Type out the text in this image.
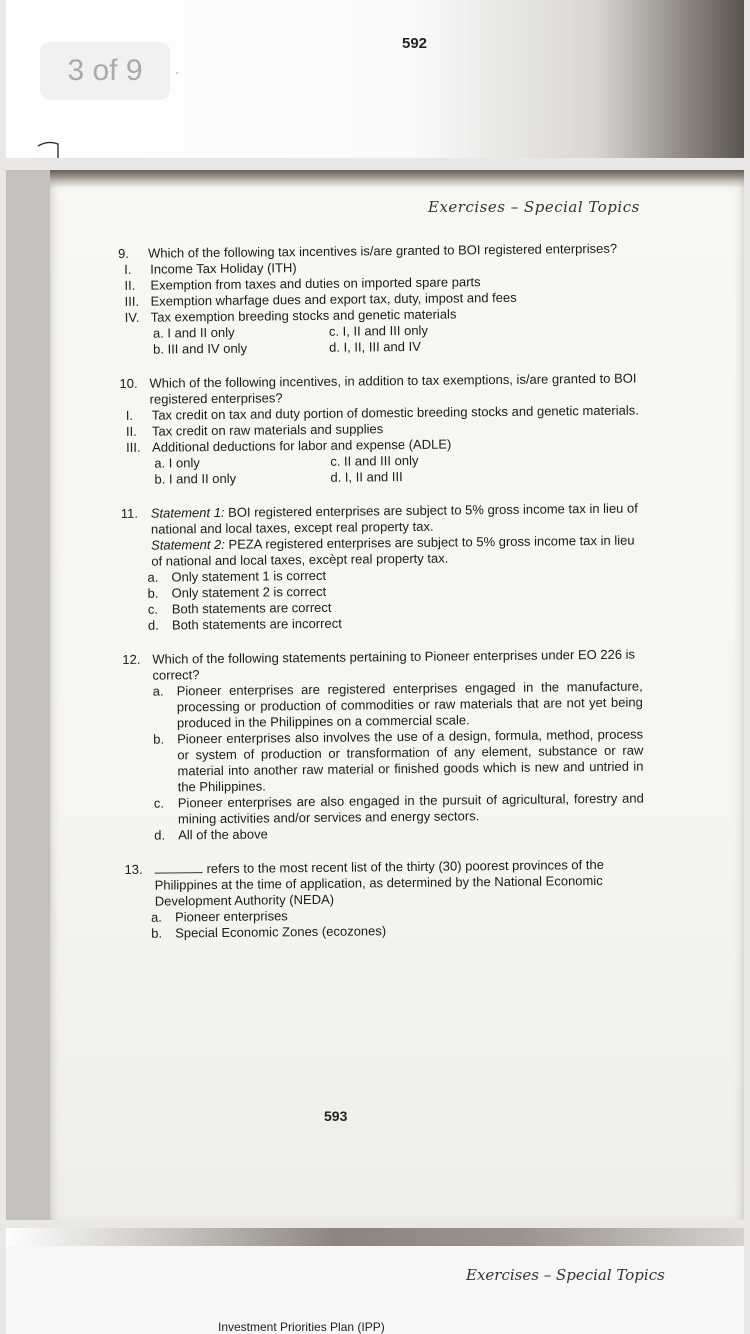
592
3 of 9
Exercises – Special Topics
9.	Which of the following tax incentives is/are granted to BOI registered enterprises?
I.	Income Tax Holiday (ITH)
II.	Exemption from taxes and duties on imported spare parts
III. Exemption wharfage dues and export tax, duty, impost and fees
IV. Tax exemption breeding stocks and genetic materials
a. I and II only	c. I, II and III only
b. III and IV only	d. I, II, III and IV
10. Which of the following incentives, in addition to tax exemptions, is/are granted to BOI registered enterprises?
I.	Tax credit on tax and duty portion of domestic breeding stocks and genetic materials.
II.	Tax credit on raw materials and supplies
III. Additional deductions for labor and expense (ADLE)
a. I only	c. II and III only
b. I and II only	d. I, II and III
11. Statement 1: BOI registered enterprises are subject to 5% gross income tax in lieu of national and local taxes, except real property tax.
Statement 2: PEZA registered enterprises are subject to 5% gross income tax in lieu of national and local taxes, excèpt real property tax.
a. Only statement 1 is correct
b. Only statement 2 is correct
c.	Both statements are correct
d. Both statements are incorrect
12. Which of the following statements pertaining to Pioneer enterprises under EO 226 is correct?
a. Pioneer enterprises are registered enterprises engaged in the manufacture, processing or production of commodities or raw materials that are not yet being produced in the Philippines on a commercial scale.
b. Pioneer enterprises also involves the use of a design, formula, method, process or system of production or transformation of any element, substance or raw material into another raw material or finished goods which is new and untried in the Philippines.
c.	Pioneer enterprises are also engaged in the pursuit of agricultural, forestry and mining activities and/or services and energy sectors.
d. All of the above
13.	refers to the most recent list of the thirty (30) poorest provinces of the Philippines at the time of application, as determined by the National Economic Development Authority (NEDA)
a. Pioneer enterprises
b. Special Economic Zones (ecozones)
593
Exercises – Special Topics
Investment Priorities Plan (IPP)
